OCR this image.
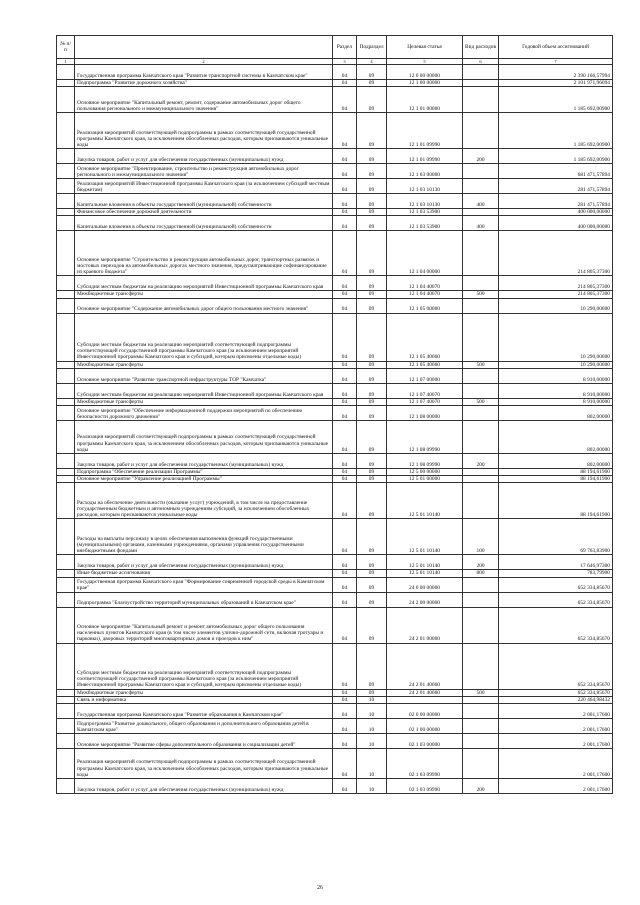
№ п/п		Раздел	Подраздел	Целевая статья	Вид расходов	Годовой объем ассигнований
1	2	3	4	5	6	7
	Государственная программа Камчатского края "Развитие транспортной системы в Камчатском крае"	04	09	12 0 00 00000		2 390 166,57994
	Подпрограмма "Развитие дорожного хозяйства"	04	09	12 1 00 00000		2 101 971,96094
	Основное мероприятие "Капитальный ремонт, ремонт, содержание автомобильных дорог общего пользования регионального и межмуниципального значения"	04	09	12 1 01 00000		1 185 692,00900
	Реализация мероприятий соответствующей подпрограммы в рамках соответствующей государственной программы Камчатского края, за исключением обособленных расходов, которым присваиваются уникальные коды	04	09	12 1 01 09990		1 185 692,00900
	Закупка товаров, работ и услуг для обеспечения государственных (муниципальных) нужд	04	09	12 1 01 09990	200	1 185 692,00900
	Основное мероприятие "Проектирование, строительство и реконструкция автомобильных дорог регионального и межмуниципального значения"	04	09	12 1 03 00000		681 471,57894
	Реализация мероприятий Инвестиционной программы Камчатского края (за исключением субсидий местным бюджетам)	04	09	12 1 03 10130		281 471,57894
	Капитальные вложения в объекты государственной (муниципальной) собственности	04	09	12 1 03 10130	400	281 471,57894
	Финансовое обеспечение дорожной деятельности	04	09	12 1 03 53900		400 000,00000
	Капитальные вложения в объекты государственной (муниципальной) собственности	04	09	12 1 03 53900	400	400 000,00000
	Основное мероприятие "Строительство и реконструкция автомобильных дорог, транспортных развязок и мостовых переходов на автомобильных дорогах местного значения, предусматривающие софинансирование из краевого бюджета"	04	09	12 1 04 00000		214 805,37300
	Субсидии местным бюджетам на реализацию мероприятий Инвестиционной программы Камчатского края	04	09	12 1 04 40070		214 805,37300
	Межбюджетные трансферты	04	09	12 1 04 40070	500	214 805,37300
	Основное мероприятие "Содержание автомобильных дорог общего пользования местного значения"	04	09	12 1 05 00000		10 290,00000
	Субсидии местным бюджетам на реализацию мероприятий соответствующей подпрограммы соответствующей государственной программы Камчатского края (за исключением мероприятий Инвестиционной программы Камчатского края и субсидий, которым присвоены отдельные коды)	04	09	12 1 05 40060		10 290,00000
	Межбюджетные трансферты	04	09	12 1 05 40060	500	10 290,00000
	Основное мероприятие "Развитие транспортной инфраструктуры ТОР "Камчатка"	04	09	12 1 07 00000		8 910,00000
	Субсидии местным бюджетам на реализацию мероприятий Инвестиционной программы Камчатского края	04	09	12 1 07 40070		8 910,00000
	Межбюджетные трансферты	04	09	12 1 07 40070	500	8 910,00000
	Основное мероприятие "Обеспечение информационной поддержки мероприятий по обеспечению безопасности дорожного движения"	04	09	12 1 08 00000		802,00000
	Реализация мероприятий соответствующей подпрограммы в рамках соответствующей государственной программы Камчатского края, за исключением обособленных расходов, которым присваиваются уникальные коды	04	09	12 1 08 09990		802,00000
	Закупка товаров, работ и услуг для обеспечения государственных (муниципальных) нужд	04	09	12 1 08 09990	200	802,00000
	Подпрограмма "Обеспечение реализации Программы"	04	09	12 5 00 00000		88 194,61900
	Основное мероприятие "Управление реализацией Программы"	04	09	12 5 01 00000		88 194,61900
	Расходы на обеспечение деятельности (оказание услуг) учреждений, в том числе на предоставление государственным бюджетным и автономным учреждениям субсидий, за исключением обособленных расходов, которым присваиваются уникальные коды	04	09	12 5 01 10140		88 194,61900
	Расходы на выплаты персоналу в целях обеспечения выполнения функций государственными (муниципальными) органами, казенными учреждениями, органами управления государственными внебюджетными фондами	04	09	12 5 01 10140	100	69 763,83900
	Закупка товаров, работ и услуг для обеспечения государственных (муниципальных) нужд	04	09	12 5 01 10140	200	17 646,97300
	Иные бюджетные ассигнования	04	09	12 5 01 10140	800	783,79900
	Государственная программа Камчатского края "Формирование современной городской среды в Камчатском крае"	04	09	24 0 00 00000		652 334,85670
	Подпрограмма "Благоустройство территорий муниципальных образований в Камчатском крае"	04	09	24 2 00 00000		652 334,85670
	Основное мероприятие "Капитальный ремонт и ремонт автомобильных дорог общего пользования населенных пунктов Камчатского края (в том числе элементов улично-дорожной сети, включая тротуары и парковки), дворовых территорий многоквартирных домов и проездов к ним"	04	09	24 2 01 00000		652 334,85670
	Субсидии местным бюджетам на реализацию мероприятий соответствующей подпрограммы соответствующей государственной программы Камчатского края (за исключением мероприятий Инвестиционной программы Камчатского края и субсидий, которым присвоены отдельные коды)	04	09	24 2 01 40060		652 334,85670
	Межбюджетные трансферты	04	09	24 2 01 40060	500	652 334,85670
	Связь и информатика	04	10			220 464,98432
	Государственная программа Камчатского края "Развитие образования в Камчатском крае"	04	10	02 0 00 00000		2 001,17600
	Подпрограмма "Развитие дошкольного, общего образования и дополнительного образования детей в Камчатском крае"	04	10	02 1 00 00000		2 001,17600
	Основное мероприятие "Развитие сферы дополнительного образования и социализации детей"	04	10	02 1 03 00000		2 001,17600
	Реализация мероприятий соответствующей подпрограммы в рамках соответствующей государственной программы Камчатского края, за исключением обособленных расходов, которым присваиваются уникальные коды	04	10	02 1 03 09990		2 001,17600
	Закупка товаров, работ и услуг для обеспечения государственных (муниципальных) нужд	04	10	02 1 03 09990	200	2 001,17600
26
